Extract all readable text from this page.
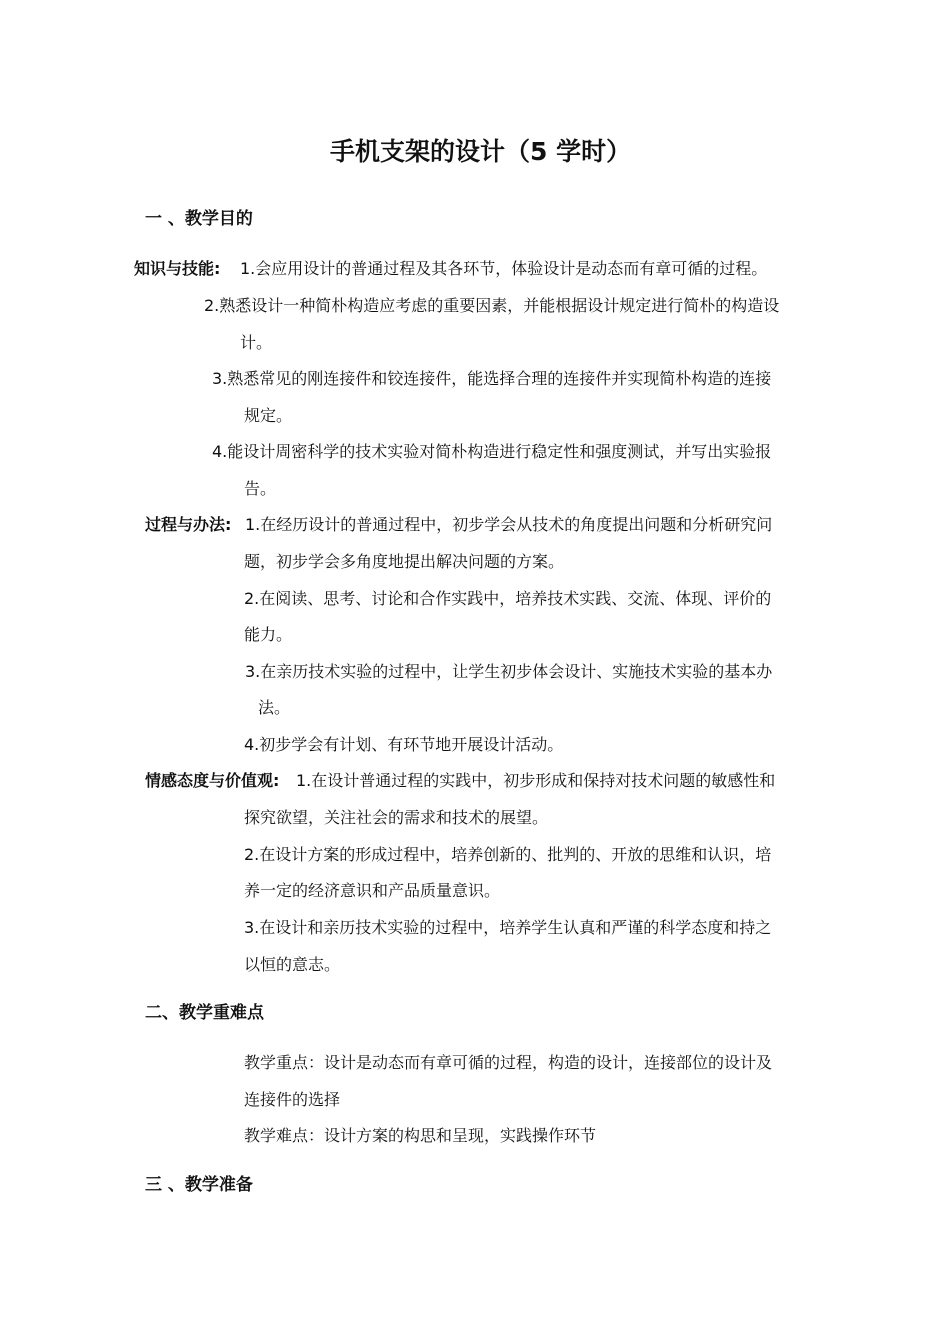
手机支架的设计（5 学时）
一 、教学目的
知识与技能: 1.会应用设计的普通过程及其各环节，体验设计是动态而有章可循的过程。
2.熟悉设计一种简朴构造应考虑的重要因素，并能根据设计规定进行简朴的构造设
计。
3.熟悉常见的刚连接件和铰连接件，能选择合理的连接件并实现简朴构造的连接
规定。
4.能设计周密科学的技术实验对简朴构造进行稳定性和强度测试，并写出实验报
告。
过程与办法: 1.在经历设计的普通过程中，初步学会从技术的角度提出问题和分析研究问
题，初步学会多角度地提出解决问题的方案。
2.在阅读、思考、讨论和合作实践中，培养技术实践、交流、体现、评价的
能力。
3.在亲历技术实验的过程中，让学生初步体会设计、实施技术实验的基本办
法。
4.初步学会有计划、有环节地开展设计活动。
情感态度与价值观: 1.在设计普通过程的实践中，初步形成和保持对技术问题的敏感性和
探究欲望，关注社会的需求和技术的展望。
2.在设计方案的形成过程中，培养创新的、批判的、开放的思维和认识，培
养一定的经济意识和产品质量意识。
3.在设计和亲历技术实验的过程中，培养学生认真和严谨的科学态度和持之
以恒的意志。
二、教学重难点
教学重点：设计是动态而有章可循的过程，构造的设计，连接部位的设计及
连接件的选择
教学难点：设计方案的构思和呈现，实践操作环节
三 、教学准备
